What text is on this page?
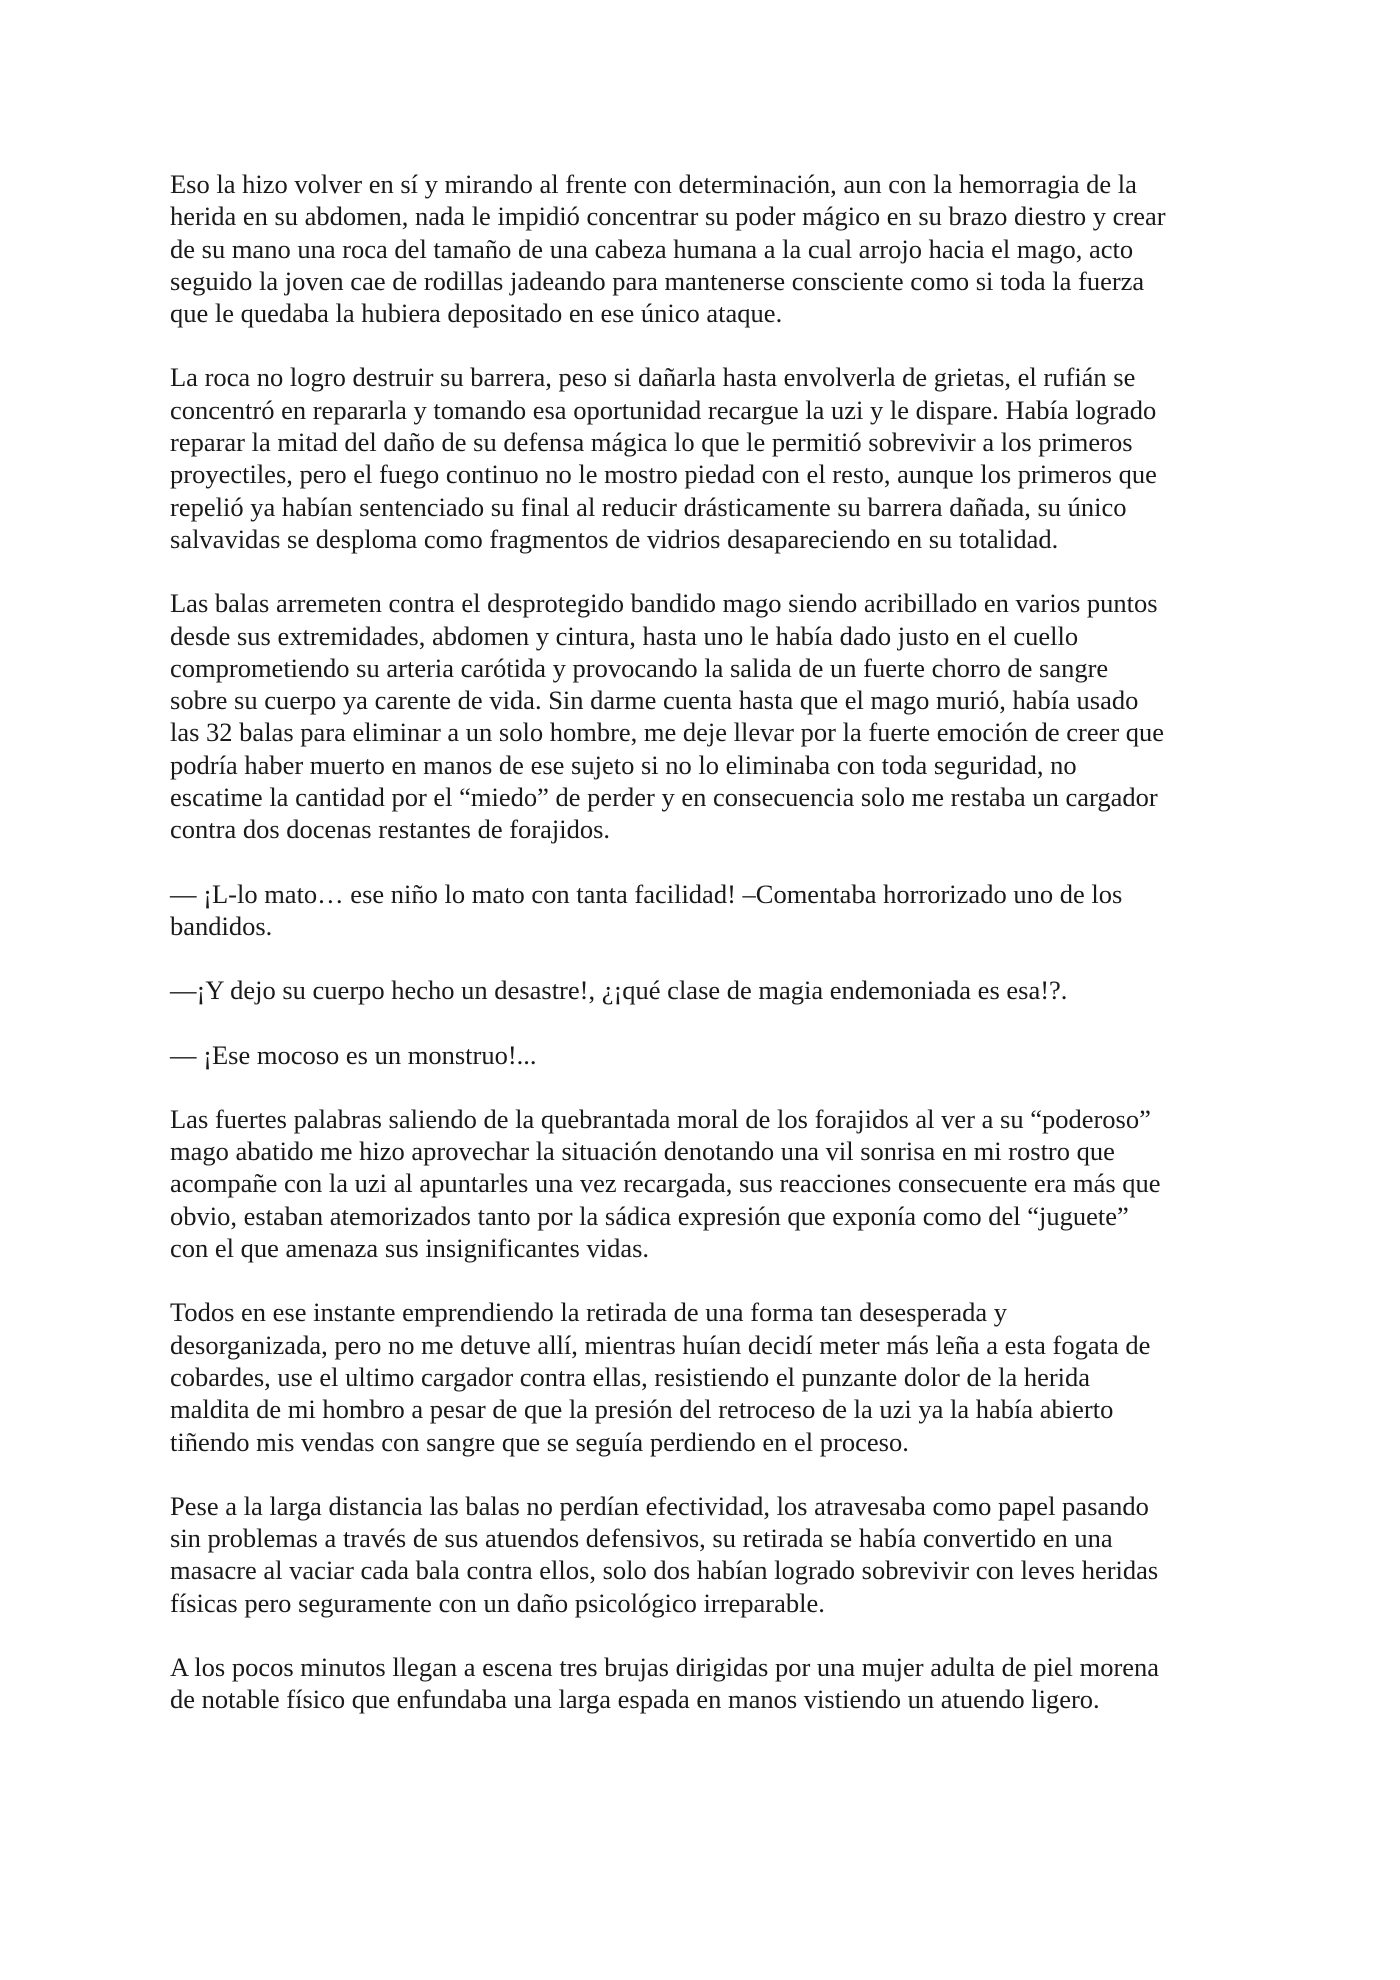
Eso la hizo volver en sí y mirando al frente con determinación, aun con la hemorragia de la
herida en su abdomen, nada le impidió concentrar su poder mágico en su brazo diestro y crear
de su mano una roca del tamaño de una cabeza humana a la cual arrojo hacia el mago, acto
seguido la joven cae de rodillas jadeando para mantenerse consciente como si toda la fuerza
que le quedaba la hubiera depositado en ese único ataque.

La roca no logro destruir su barrera, peso si dañarla hasta envolverla de grietas, el rufián se
concentró en repararla y tomando esa oportunidad recargue la uzi y le dispare. Había logrado
reparar la mitad del daño de su defensa mágica lo que le permitió sobrevivir a los primeros
proyectiles, pero el fuego continuo no le mostro piedad con el resto, aunque los primeros que
repelió ya habían sentenciado su final al reducir drásticamente su barrera dañada, su único
salvavidas se desploma como fragmentos de vidrios desapareciendo en su totalidad.

Las balas arremeten contra el desprotegido bandido mago siendo acribillado en varios puntos
desde sus extremidades, abdomen y cintura, hasta uno le había dado justo en el cuello
comprometiendo su arteria carótida y provocando la salida de un fuerte chorro de sangre
sobre su cuerpo ya carente de vida. Sin darme cuenta hasta que el mago murió, había usado
las 32 balas para eliminar a un solo hombre, me deje llevar por la fuerte emoción de creer que
podría haber muerto en manos de ese sujeto si no lo eliminaba con toda seguridad, no
escatime la cantidad por el “miedo” de perder y en consecuencia solo me restaba un cargador
contra dos docenas restantes de forajidos.

— ¡L-lo mato… ese niño lo mato con tanta facilidad! –Comentaba horrorizado uno de los
bandidos.

—¡Y dejo su cuerpo hecho un desastre!, ¿¡qué clase de magia endemoniada es esa!?.

— ¡Ese mocoso es un monstruo!...

Las fuertes palabras saliendo de la quebrantada moral de los forajidos al ver a su “poderoso”
mago abatido me hizo aprovechar la situación denotando una vil sonrisa en mi rostro que
acompañe con la uzi al apuntarles una vez recargada, sus reacciones consecuente era más que
obvio, estaban atemorizados tanto por la sádica expresión que exponía como del “juguete”
con el que amenaza sus insignificantes vidas.

Todos en ese instante emprendiendo la retirada de una forma tan desesperada y
desorganizada, pero no me detuve allí, mientras huían decidí meter más leña a esta fogata de
cobardes, use el ultimo cargador contra ellas, resistiendo el punzante dolor de la herida
maldita de mi hombro a pesar de que la presión del retroceso de la uzi ya la había abierto
tiñendo mis vendas con sangre que se seguía perdiendo en el proceso.

Pese a la larga distancia las balas no perdían efectividad, los atravesaba como papel pasando
sin problemas a través de sus atuendos defensivos, su retirada se había convertido en una
masacre al vaciar cada bala contra ellos, solo dos habían logrado sobrevivir con leves heridas
físicas pero seguramente con un daño psicológico irreparable.

A los pocos minutos llegan a escena tres brujas dirigidas por una mujer adulta de piel morena
de notable físico que enfundaba una larga espada en manos vistiendo un atuendo ligero.
